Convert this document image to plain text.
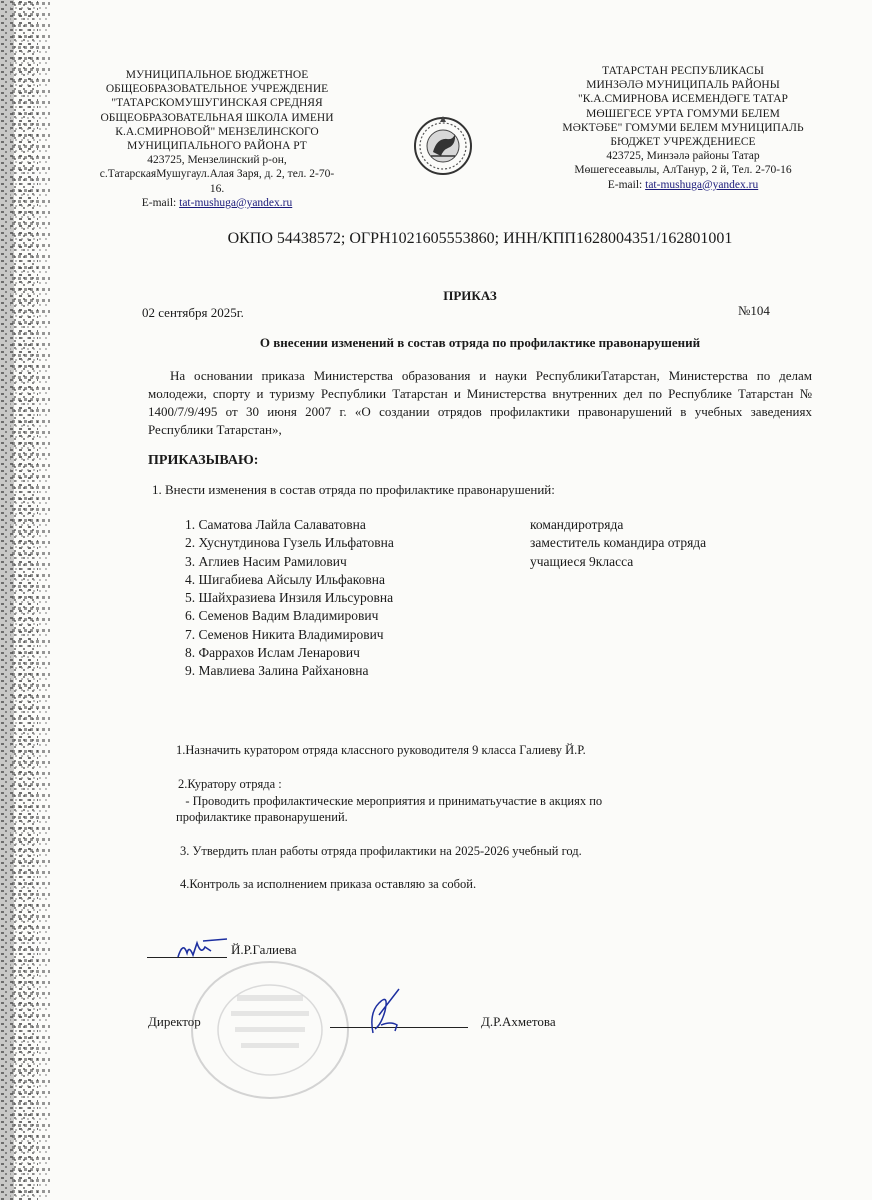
МУНИЦИПАЛЬНОЕ БЮДЖЕТНОЕ
ОБЩЕОБРАЗОВАТЕЛЬНОЕ УЧРЕЖДЕНИЕ
"ТАТАРСКОМУШУГИНСКАЯ СРЕДНЯЯ
ОБЩЕОБРАЗОВАТЕЛЬНАЯ ШКОЛА ИМЕНИ
К.А.СМИРНОВОЙ" МЕНЗЕЛИНСКОГО
МУНИЦИПАЛЬНОГО РАЙОНА РТ
423725, Мензелинский р-он,
с.ТатарскаяМушугаул.Алая Заря, д. 2, тел. 2-70-
16.
E-mail: tat-mushuga@yandex.ru
ТАТАРСТАН РЕСПУБЛИКАСЫ
МИНЗӘЛӘ МУНИЦИПАЛЬ РАЙОНЫ
"К.А.СМИРНОВА ИСЕМЕНДӘГЕ ТАТАР
МӨШЕГЕСЕ УРТА ГОМУМИ БЕЛЕМ
МӘКТӘБЕ" ГОМУМИ БЕЛЕМ МУНИЦИПАЛЬ
БЮДЖЕТ УЧРЕЖДЕНИЕСЕ
423725, Минзәлә районы Татар
Мөшегесеавылы, АлТанур, 2 й, Тел. 2-70-16
E-mail: tat-mushuga@yandex.ru
ОКПО 54438572; ОГРН1021605553860; ИНН/КПП1628004351/162801001
ПРИКАЗ
02 сентября 2025г.	№104
О внесении изменений в состав отряда по профилактике правонарушений
На основании приказа Министерства образования и науки РеспубликиТатарстан, Министерства по делам молодежи, спорту и туризму Республики Татарстан и Министерства внутренних дел по Республике Татарстан № 1400/7/9/495 от 30 июня 2007 г. «О создании отрядов профилактики правонарушений в учебных заведениях Республики Татарстан»,
ПРИКАЗЫВАЮ:
1. Внести изменения в состав отряда по профилактике правонарушений:
1. Саматова Лайла Салаватовна
2. Хуснутдинова Гузель Ильфатовна
3. Аглиев Насим Рамилович
4. Шигабиева Айсылу Ильфаковна
5. Шайхразиева Инзиля Ильсуровна
6. Семенов Вадим Владимирович
7. Семенов Никита Владимирович
8. Фаррахов Ислам Ленарович
9. Мавлиева Залина Райхановна
командиротряда
заместитель командира отряда
учащиеся 9класса
1.Назначить куратором отряда классного руководителя 9 класса Галиеву Й.Р.
2.Куратору отряда :
- Проводить профилактические мероприятия и приниматьучастие в акциях по
профилактике правонарушений.
3. Утвердить план работы отряда профилактики на 2025-2026 учебный год.
4.Контроль за исполнением приказа оставляю за собой.
Й.Р.Галиева
Директор	Д.Р.Ахметова
